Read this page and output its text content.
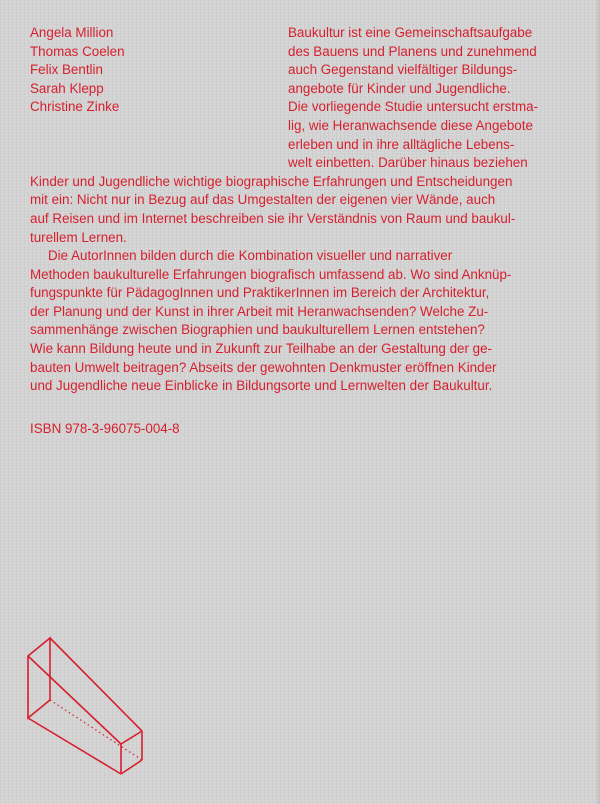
Angela Million
Thomas Coelen
Felix Bentlin
Sarah Klepp
Christine Zinke
Baukultur ist eine Gemeinschaftsaufgabe
des Bauens und Planens und zunehmend
auch Gegenstand vielfältiger Bildungs-
angebote für Kinder und Jugendliche.
Die vorliegende Studie untersucht erstma-
lig, wie Heranwachsende diese Angebote
erleben und in ihre alltägliche Lebens-
welt einbetten. Darüber hinaus beziehen
Kinder und Jugendliche wichtige biographische Erfahrungen und Entscheidungen
mit ein: Nicht nur in Bezug auf das Umgestalten der eigenen vier Wände, auch
auf Reisen und im Internet beschreiben sie ihr Verständnis von Raum und baukul-
turellem Lernen.
Die AutorInnen bilden durch die Kombination visueller und narrativer
Methoden baukulturelle Erfahrungen biografisch umfassend ab. Wo sind Anknüp-
fungspunkte für PädagogInnen und PraktikerInnen im Bereich der Architektur,
der Planung und der Kunst in ihrer Arbeit mit Heranwachsenden? Welche Zu-
sammenhänge zwischen Biographien und baukulturellem Lernen entstehen?
Wie kann Bildung heute und in Zukunft zur Teilhabe an der Gestaltung der ge-
bauten Umwelt beitragen? Abseits der gewohnten Denkmuster eröffnen Kinder
und Jugendliche neue Einblicke in Bildungsorte und Lernwelten der Baukultur.
ISBN 978-3-96075-004-8
